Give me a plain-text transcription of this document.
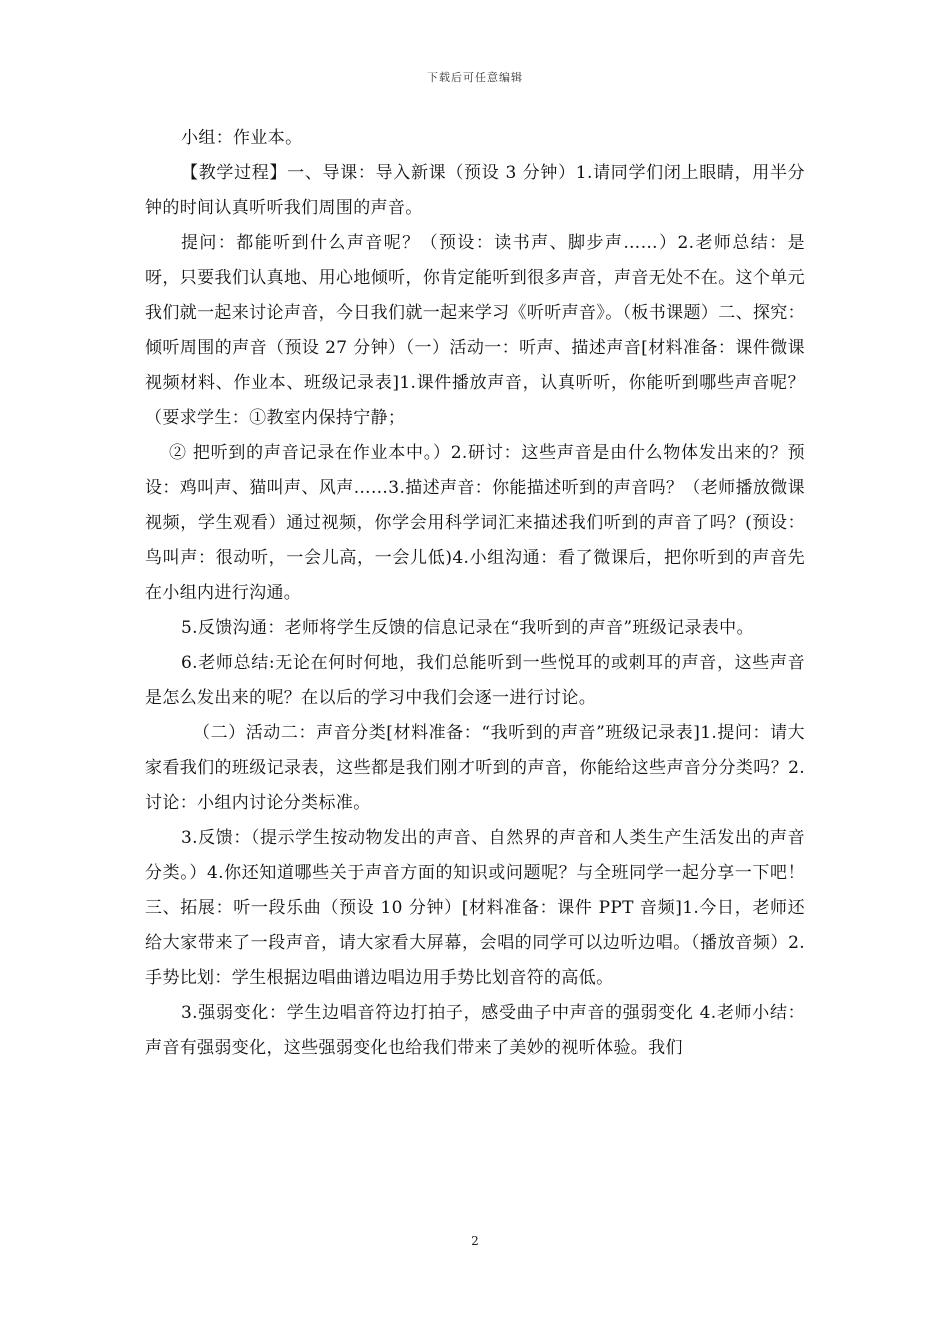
下载后可任意编辑

小组：作业本。

【教学过程】一、导课：导入新课（预设 3 分钟）1.请同学们闭上眼睛，用半分钟的时间认真听听我们周围的声音。

提问：都能听到什么声音呢？（预设：读书声、脚步声……）2.老师总结：是呀，只要我们认真地、用心地倾听，你肯定能听到很多声音，声音无处不在。这个单元我们就一起来讨论声音，今日我们就一起来学习《听听声音》。（板书课题）二、探究：倾听周围的声音（预设 27 分钟）（一）活动一：听声、描述声音[材料准备：课件微课视频材料、作业本、班级记录表]1.课件播放声音，认真听听，你能听到哪些声音呢？（要求学生：①教室内保持宁静；

② 把听到的声音记录在作业本中。）2.研讨：这些声音是由什么物体发出来的？预设：鸡叫声、猫叫声、风声……3.描述声音：你能描述听到的声音吗？（老师播放微课视频，学生观看）通过视频，你学会用科学词汇来描述我们听到的声音了吗？(预设：鸟叫声：很动听，一会儿高，一会儿低)4.小组沟通：看了微课后，把你听到的声音先在小组内进行沟通。

5.反馈沟通：老师将学生反馈的信息记录在“我听到的声音”班级记录表中。

6.老师总结:无论在何时何地，我们总能听到一些悦耳的或刺耳的声音，这些声音是怎么发出来的呢？在以后的学习中我们会逐一进行讨论。

（二）活动二：声音分类[材料准备：“我听到的声音”班级记录表]1.提问：请大家看我们的班级记录表，这些都是我们刚才听到的声音，你能给这些声音分分类吗？2.讨论：小组内讨论分类标准。

3.反馈：（提示学生按动物发出的声音、自然界的声音和人类生产生活发出的声音分类。）4.你还知道哪些关于声音方面的知识或问题呢？与全班同学一起分享一下吧！三、拓展：听一段乐曲（预设 10 分钟）[材料准备：课件 PPT 音频]1.今日，老师还给大家带来了一段声音，请大家看大屏幕，会唱的同学可以边听边唱。（播放音频）2.手势比划：学生根据边唱曲谱边唱边用手势比划音符的高低。

3.强弱变化：学生边唱音符边打拍子，感受曲子中声音的强弱变化 4.老师小结：声音有强弱变化，这些强弱变化也给我们带来了美妙的视听体验。我们

2
